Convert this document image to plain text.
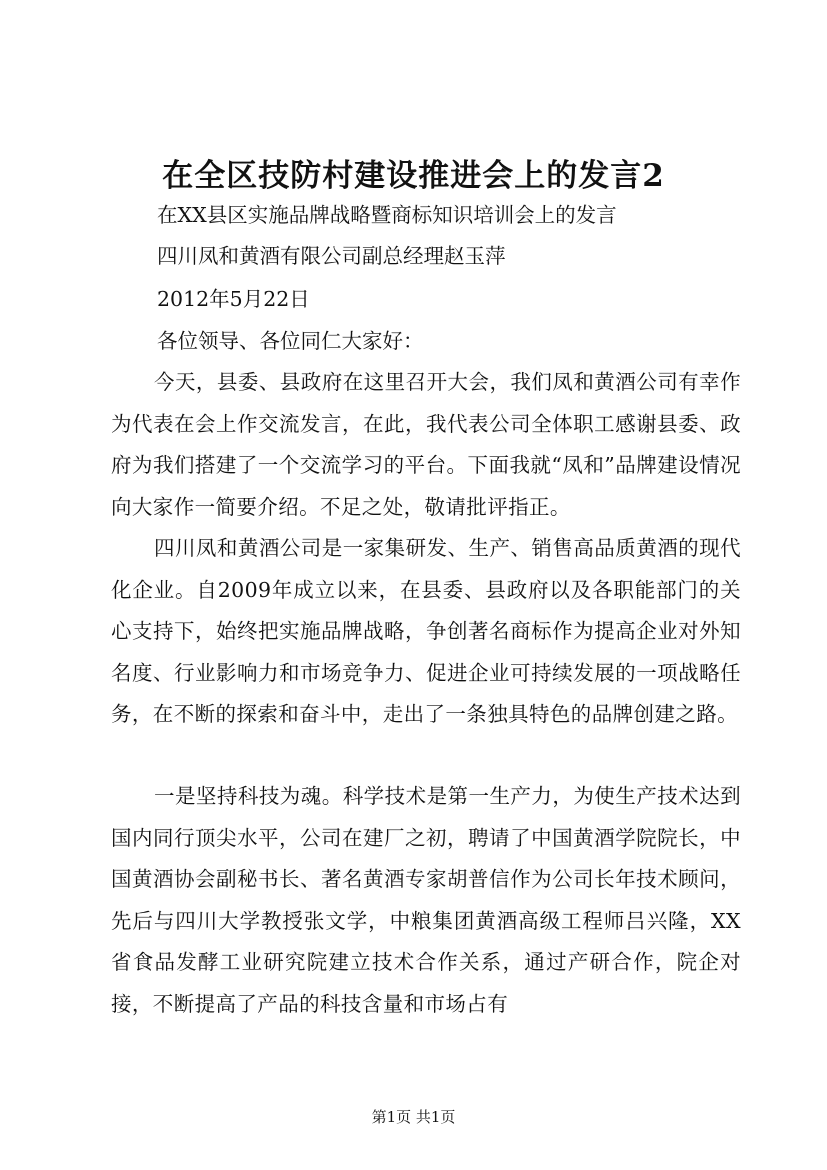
在全区技防村建设推进会上的发言2
在XX县区实施品牌战略暨商标知识培训会上的发言
四川凤和黄酒有限公司副总经理赵玉萍
2012年5月22日
各位领导、各位同仁大家好：
今天，县委、县政府在这里召开大会，我们凤和黄酒公司有幸作为代表在会上作交流发言，在此，我代表公司全体职工感谢县委、政府为我们搭建了一个交流学习的平台。下面我就“凤和”品牌建设情况向大家作一简要介绍。不足之处，敬请批评指正。
四川凤和黄酒公司是一家集研发、生产、销售高品质黄酒的现代化企业。自2009年成立以来，在县委、县政府以及各职能部门的关心支持下，始终把实施品牌战略，争创著名商标作为提高企业对外知名度、行业影响力和市场竞争力、促进企业可持续发展的一项战略任务，在不断的探索和奋斗中，走出了一条独具特色的品牌创建之路。
一是坚持科技为魂。科学技术是第一生产力，为使生产技术达到国内同行顶尖水平，公司在建厂之初，聘请了中国黄酒学院院长，中国黄酒协会副秘书长、著名黄酒专家胡普信作为公司长年技术顾问，先后与四川大学教授张文学，中粮集团黄酒高级工程师吕兴隆，XX省食品发酵工业研究院建立技术合作关系，通过产研合作，院企对接，不断提高了产品的科技含量和市场占有
第1页 共1页
